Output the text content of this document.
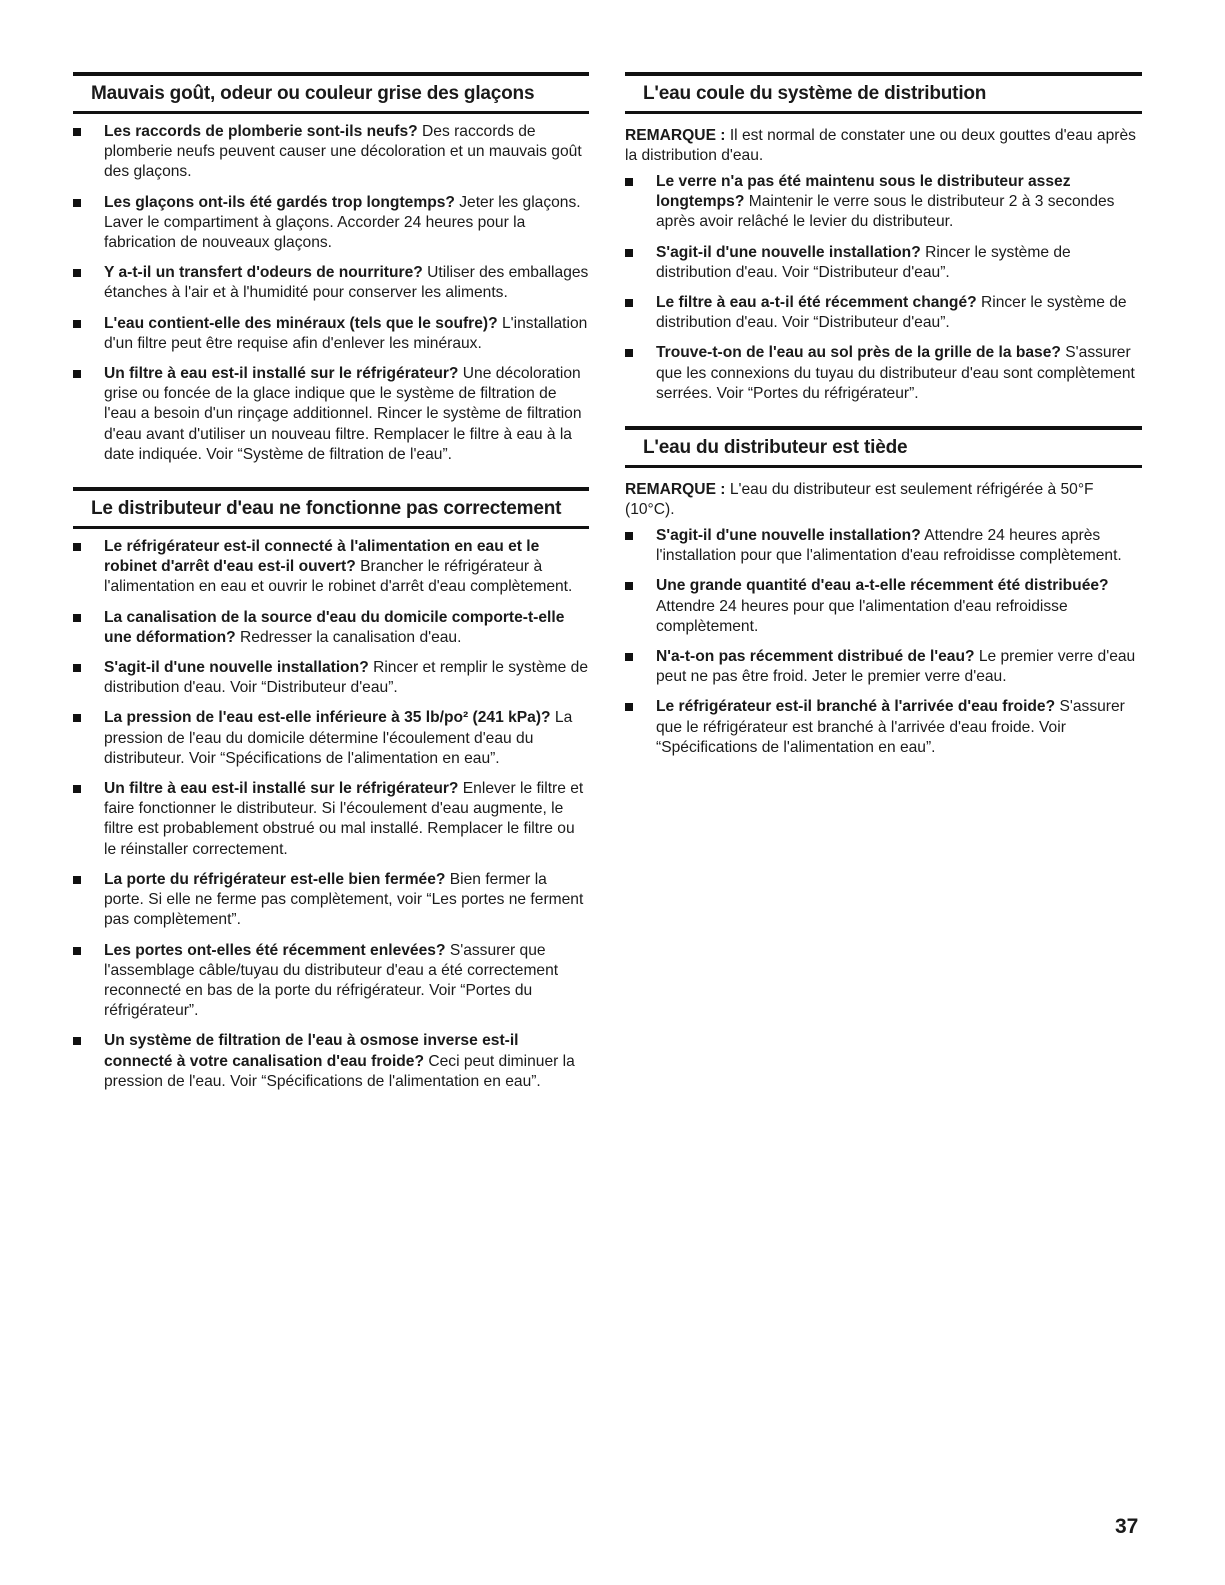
Mauvais goût, odeur ou couleur grise des glaçons
Les raccords de plomberie sont-ils neufs? Des raccords de plomberie neufs peuvent causer une décoloration et un mauvais goût des glaçons.
Les glaçons ont-ils été gardés trop longtemps? Jeter les glaçons. Laver le compartiment à glaçons. Accorder 24 heures pour la fabrication de nouveaux glaçons.
Y a-t-il un transfert d'odeurs de nourriture? Utiliser des emballages étanches à l'air et à l'humidité pour conserver les aliments.
L'eau contient-elle des minéraux (tels que le soufre)? L'installation d'un filtre peut être requise afin d'enlever les minéraux.
Un filtre à eau est-il installé sur le réfrigérateur? Une décoloration grise ou foncée de la glace indique que le système de filtration de l'eau a besoin d'un rinçage additionnel. Rincer le système de filtration d'eau avant d'utiliser un nouveau filtre. Remplacer le filtre à eau à la date indiquée. Voir “Système de filtration de l'eau”.
Le distributeur d'eau ne fonctionne pas correctement
Le réfrigérateur est-il connecté à l'alimentation en eau et le robinet d'arrêt d'eau est-il ouvert? Brancher le réfrigérateur à l'alimentation en eau et ouvrir le robinet d'arrêt d'eau complètement.
La canalisation de la source d'eau du domicile comporte-t-elle une déformation? Redresser la canalisation d'eau.
S'agit-il d'une nouvelle installation? Rincer et remplir le système de distribution d'eau. Voir “Distributeur d'eau”.
La pression de l'eau est-elle inférieure à 35 lb/po² (241 kPa)? La pression de l'eau du domicile détermine l'écoulement d'eau du distributeur. Voir “Spécifications de l'alimentation en eau”.
Un filtre à eau est-il installé sur le réfrigérateur? Enlever le filtre et faire fonctionner le distributeur. Si l'écoulement d'eau augmente, le filtre est probablement obstrué ou mal installé. Remplacer le filtre ou le réinstaller correctement.
La porte du réfrigérateur est-elle bien fermée? Bien fermer la porte. Si elle ne ferme pas complètement, voir “Les portes ne ferment pas complètement”.
Les portes ont-elles été récemment enlevées? S'assurer que l'assemblage câble/tuyau du distributeur d'eau a été correctement reconnecté en bas de la porte du réfrigérateur. Voir “Portes du réfrigérateur”.
Un système de filtration de l'eau à osmose inverse est-il connecté à votre canalisation d'eau froide? Ceci peut diminuer la pression de l'eau. Voir “Spécifications de l'alimentation en eau”.
L'eau coule du système de distribution
REMARQUE : Il est normal de constater une ou deux gouttes d'eau après la distribution d'eau.
Le verre n'a pas été maintenu sous le distributeur assez longtemps? Maintenir le verre sous le distributeur 2 à 3 secondes après avoir relâché le levier du distributeur.
S'agit-il d'une nouvelle installation? Rincer le système de distribution d'eau. Voir “Distributeur d'eau”.
Le filtre à eau a-t-il été récemment changé? Rincer le système de distribution d'eau. Voir “Distributeur d'eau”.
Trouve-t-on de l'eau au sol près de la grille de la base? S'assurer que les connexions du tuyau du distributeur d'eau sont complètement serrées. Voir “Portes du réfrigérateur”.
L'eau du distributeur est tiède
REMARQUE : L'eau du distributeur est seulement réfrigérée à 50°F (10°C).
S'agit-il d'une nouvelle installation? Attendre 24 heures après l'installation pour que l'alimentation d'eau refroidisse complètement.
Une grande quantité d'eau a-t-elle récemment été distribuée? Attendre 24 heures pour que l'alimentation d'eau refroidisse complètement.
N'a-t-on pas récemment distribué de l'eau? Le premier verre d'eau peut ne pas être froid. Jeter le premier verre d'eau.
Le réfrigérateur est-il branché à l'arrivée d'eau froide? S'assurer que le réfrigérateur est branché à l'arrivée d'eau froide. Voir “Spécifications de l'alimentation en eau”.
37
